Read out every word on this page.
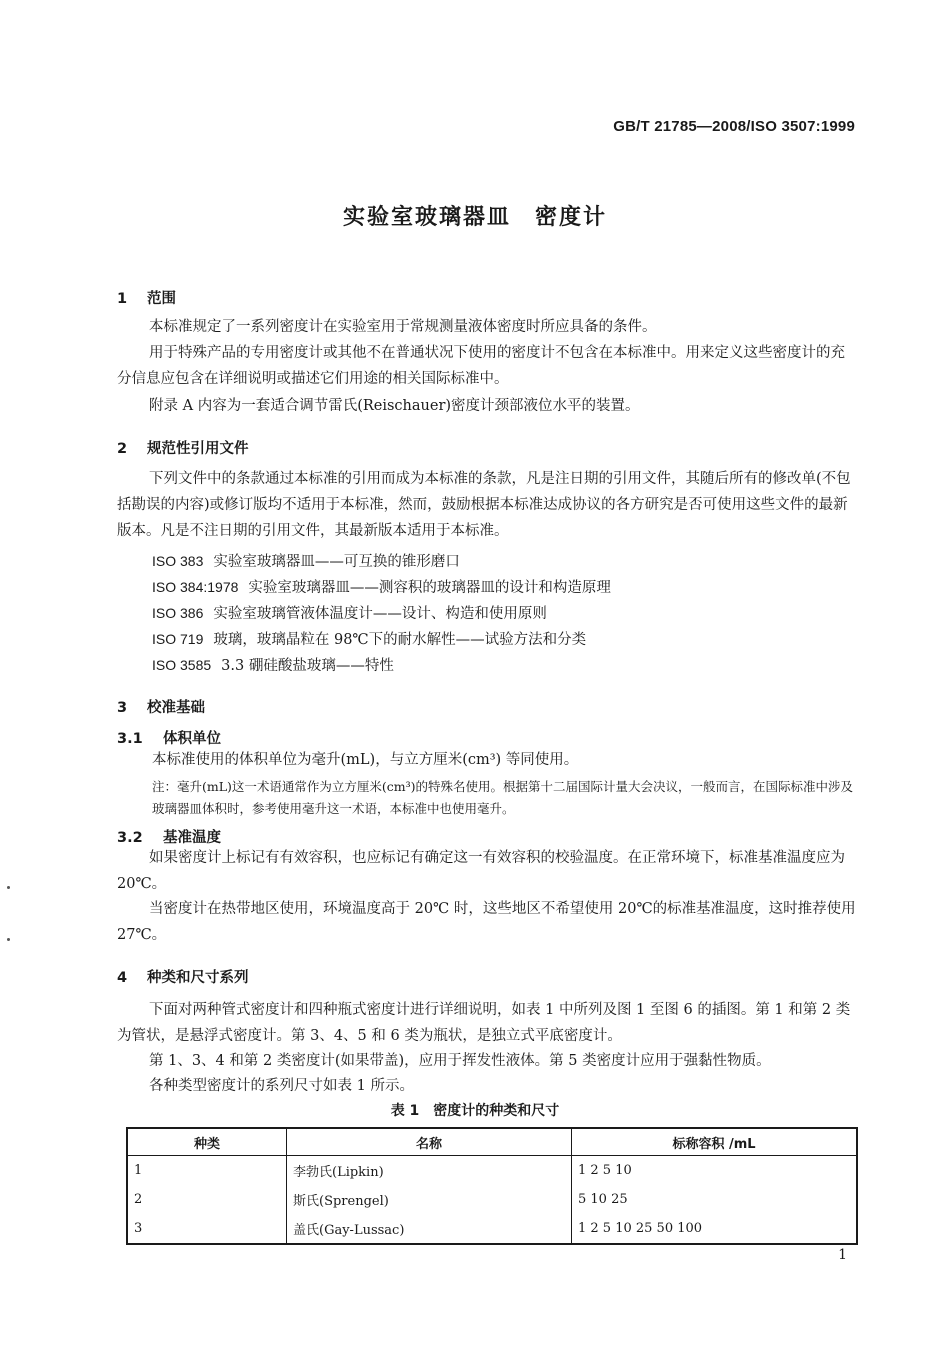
GB/T 21785—2008/ISO 3507:1999
实验室玻璃器皿　密度计
1 范围
本标准规定了一系列密度计在实验室用于常规测量液体密度时所应具备的条件。
用于特殊产品的专用密度计或其他不在普通状况下使用的密度计不包含在本标准中。用来定义这些密度计的充分信息应包含在详细说明或描述它们用途的相关国际标准中。
附录 A 内容为一套适合调节雷氏(Reischauer)密度计颈部液位水平的装置。
2 规范性引用文件
下列文件中的条款通过本标准的引用而成为本标准的条款，凡是注日期的引用文件，其随后所有的修改单(不包括勘误的内容)或修订版均不适用于本标准，然而，鼓励根据本标准达成协议的各方研究是否可使用这些文件的最新版本。凡是不注日期的引用文件，其最新版本适用于本标准。
ISO 383 实验室玻璃器皿——可互换的锥形磨口
ISO 384:1978 实验室玻璃器皿——测容积的玻璃器皿的设计和构造原理
ISO 386 实验室玻璃管液体温度计——设计、构造和使用原则
ISO 719 玻璃，玻璃晶粒在 98℃下的耐水解性——试验方法和分类
ISO 3585 3.3 硼硅酸盐玻璃——特性
3 校准基础
3.1 体积单位
本标准使用的体积单位为毫升(mL)，与立方厘米(cm³) 等同使用。
注：毫升(mL)这一术语通常作为立方厘米(cm³)的特殊名使用。根据第十二届国际计量大会决议，一般而言，在国际标准中涉及玻璃器皿体积时，参考使用毫升这一术语，本标准中也使用毫升。
3.2 基准温度
如果密度计上标记有有效容积，也应标记有确定这一有效容积的校验温度。在正常环境下，标准基准温度应为 20℃。
当密度计在热带地区使用，环境温度高于 20℃ 时，这些地区不希望使用 20℃的标准基准温度，这时推荐使用 27℃。
4 种类和尺寸系列
下面对两种管式密度计和四种瓶式密度计进行详细说明，如表 1 中所列及图 1 至图 6 的插图。第 1 和第 2 类为管状，是悬浮式密度计。第 3、4、5 和 6 类为瓶状，是独立式平底密度计。
第 1、3、4 和第 2 类密度计(如果带盖)，应用于挥发性液体。第 5 类密度计应用于强黏性物质。
各种类型密度计的系列尺寸如表 1 所示。
表 1　密度计的种类和尺寸
种类	名称	标称容积 /mL
1	李勃氏(Lipkin)	1 2 5 10
2	斯氏(Sprengel)	5 10 25
3	盖氏(Gay-Lussac)	1 2 5 10 25 50 100
1
